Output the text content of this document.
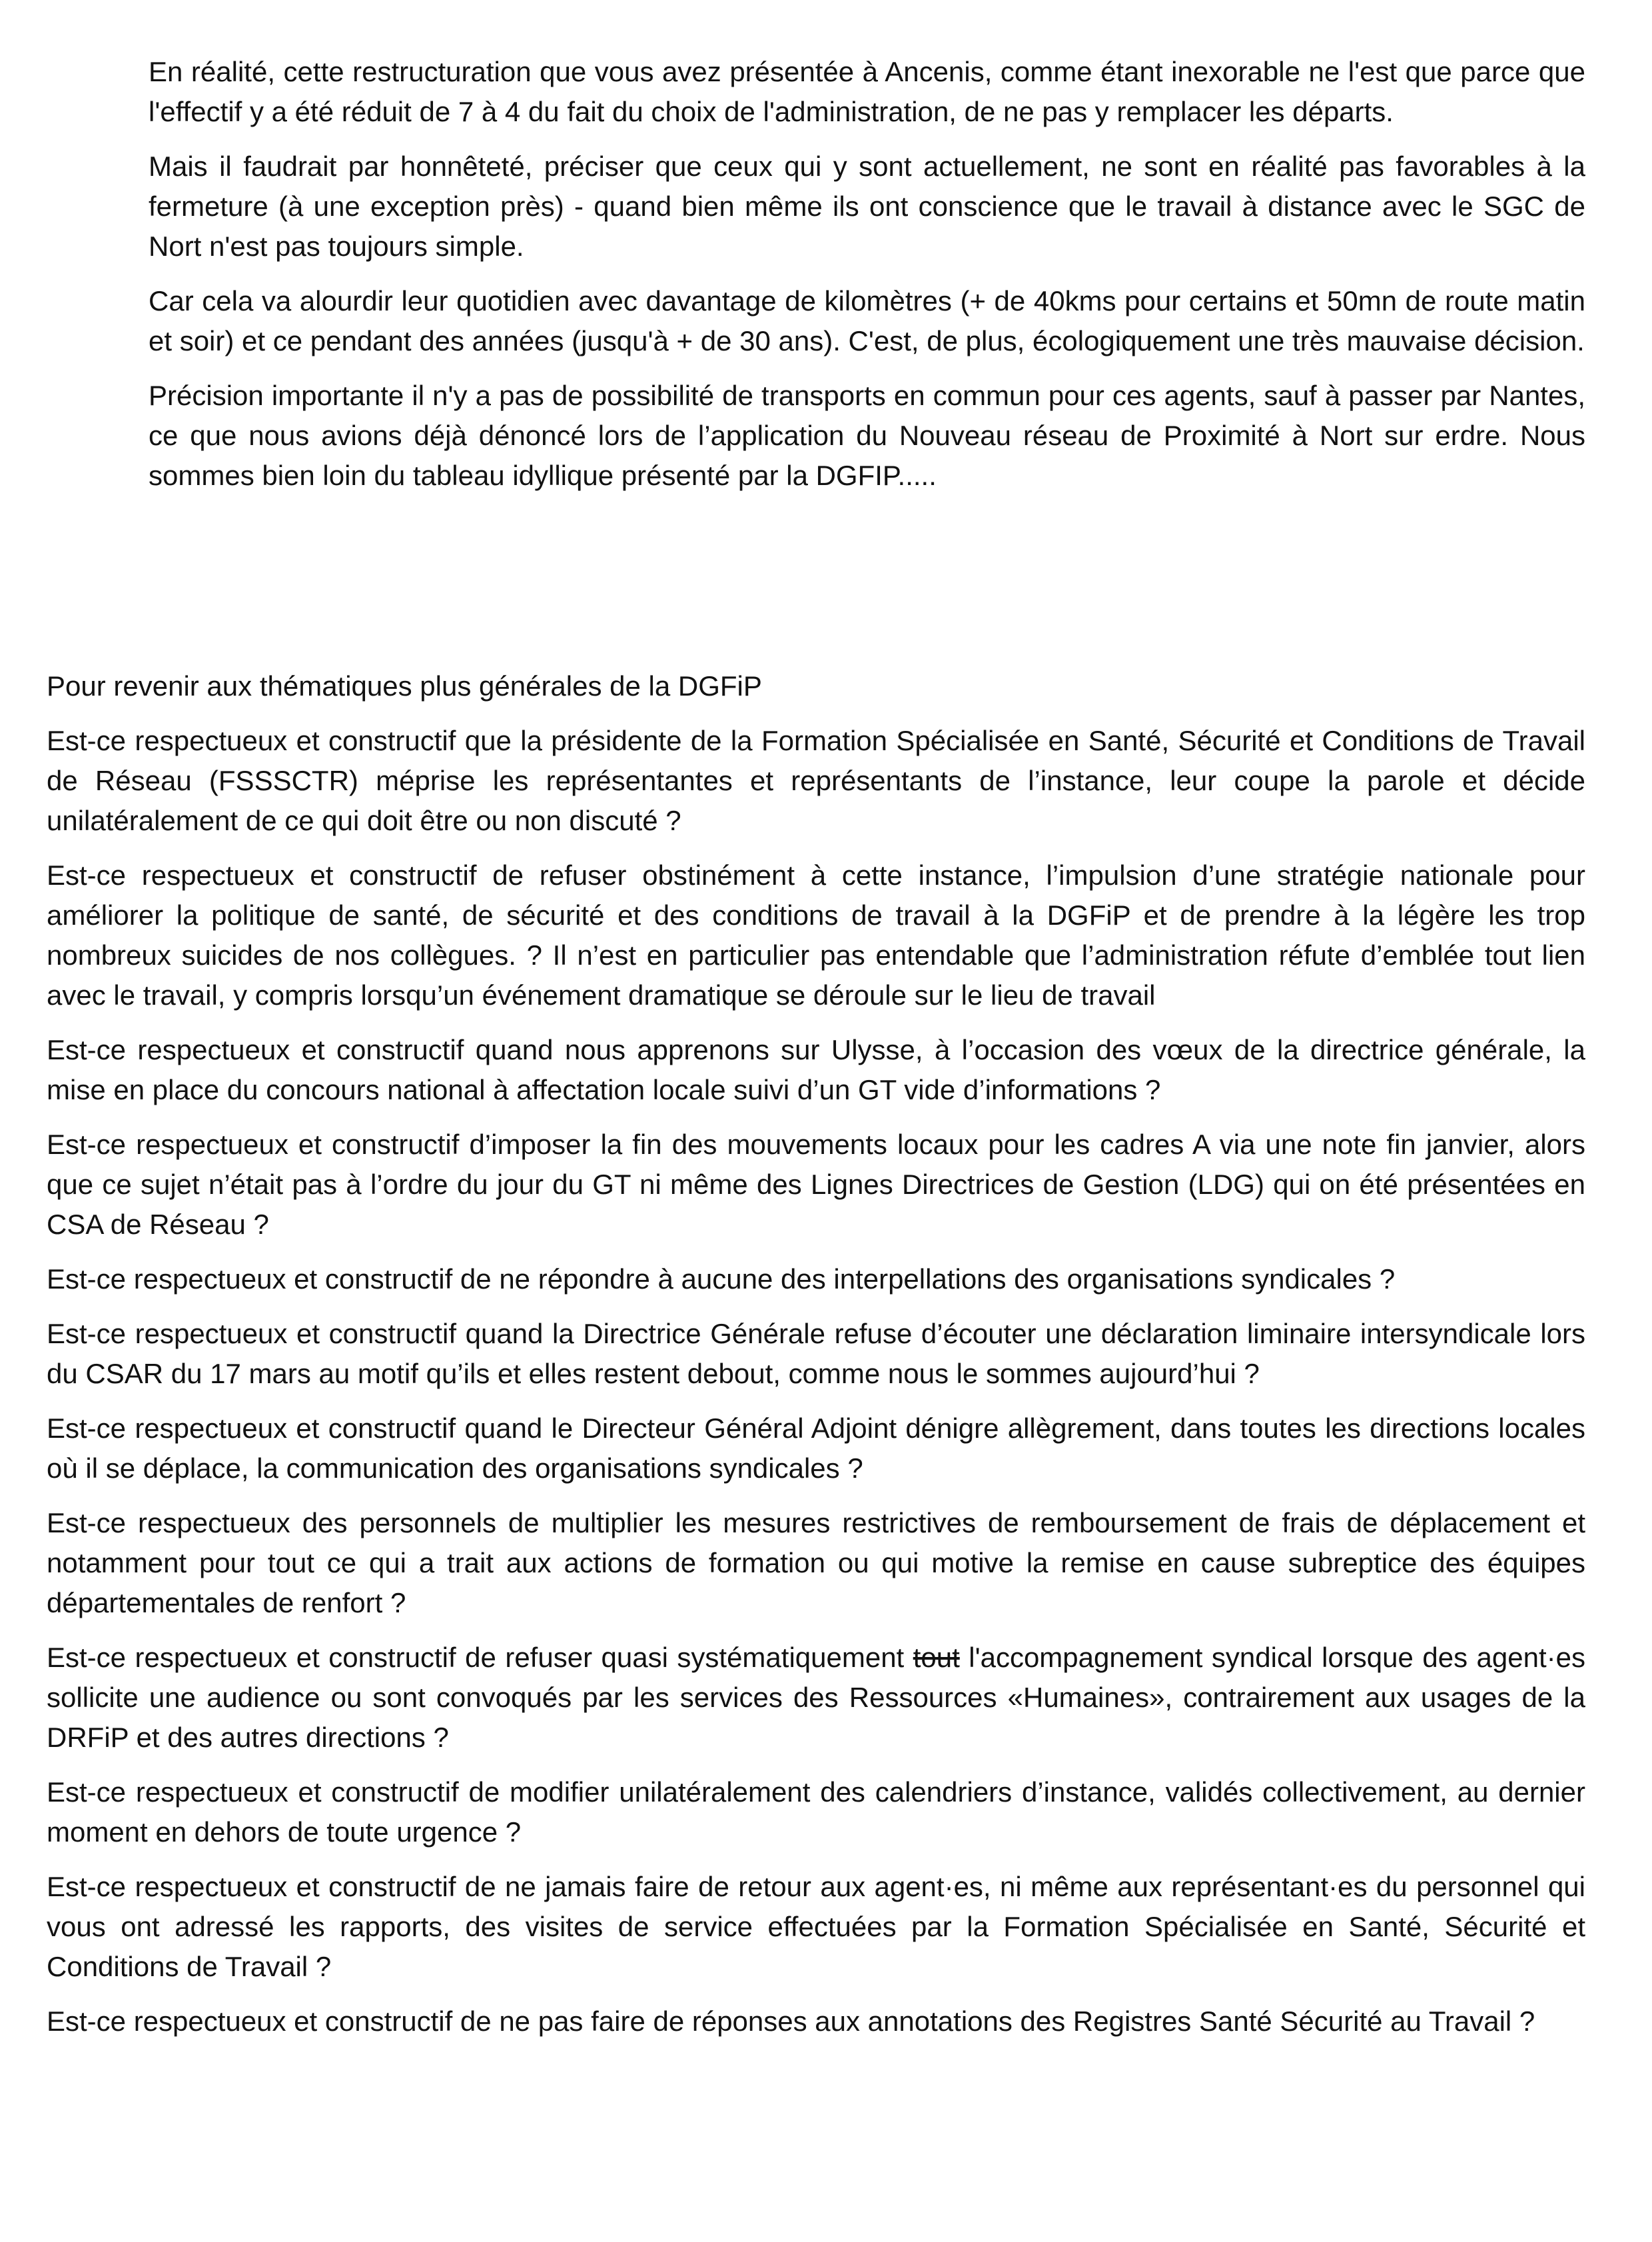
En réalité, cette restructuration que vous avez présentée à Ancenis, comme étant inexorable ne l'est que parce que l'effectif y a été réduit de 7 à 4 du fait du choix de l'administration, de ne pas y remplacer les départs.

Mais il faudrait par honnêteté, préciser que ceux qui y sont actuellement, ne sont en réalité pas favorables à la fermeture (à une exception près) - quand bien même ils ont conscience que le travail à distance avec le SGC de Nort n'est pas toujours simple.

Car cela va alourdir leur quotidien avec davantage de kilomètres (+ de 40kms pour certains et 50mn de route matin et soir) et ce pendant des années (jusqu'à + de 30 ans). C'est, de plus, écologiquement une très mauvaise décision.

Précision importante il n'y a pas de possibilité de transports en commun pour ces agents, sauf à passer par Nantes, ce que nous avions déjà dénoncé lors de l’application du Nouveau réseau de Proximité à Nort sur erdre. Nous sommes bien loin du tableau idyllique présenté par la DGFIP.....

Pour revenir aux thématiques plus générales de la DGFiP

Est-ce respectueux et constructif que la présidente de la Formation Spécialisée en Santé, Sécurité et Conditions de Travail de Réseau (FSSSCTR) méprise les représentantes et représentants de l’instance, leur coupe la parole et décide unilatéralement de ce qui doit être ou non discuté ?

Est-ce respectueux et constructif de refuser obstinément à cette instance, l’impulsion d’une stratégie nationale pour améliorer la politique de santé, de sécurité et des conditions de travail à la DGFiP et de prendre à la légère les trop nombreux suicides de nos collègues. ? Il n’est en particulier pas entendable que l’administration réfute d’emblée tout lien avec le travail, y compris lorsqu’un événement dramatique se déroule sur le lieu de travail

Est-ce respectueux et constructif quand nous apprenons sur Ulysse, à l’occasion des vœux de la directrice générale, la mise en place du concours national à affectation locale suivi d’un GT vide d’informations ?

Est-ce respectueux et constructif d’imposer la fin des mouvements locaux pour les cadres A via une note fin janvier, alors que ce sujet n’était pas à l’ordre du jour du GT ni même des Lignes Directrices de Gestion (LDG) qui on été présentées en CSA de Réseau ?

Est-ce respectueux et constructif de ne répondre à aucune des interpellations des organisations syndicales ?

Est-ce respectueux et constructif quand la Directrice Générale refuse d’écouter une déclaration liminaire intersyndicale lors du CSAR du 17 mars au motif qu’ils et elles restent debout, comme nous le sommes aujourd’hui ?

Est-ce respectueux et constructif quand le Directeur Général Adjoint dénigre allègrement, dans toutes les directions locales où il se déplace, la communication des organisations syndicales ?

Est-ce respectueux des personnels de multiplier les mesures restrictives de remboursement de frais de déplacement et notamment pour tout ce qui a trait aux actions de formation ou qui motive la remise en cause subreptice des équipes départementales de renfort ?

Est-ce respectueux et constructif de refuser quasi systématiquement tout l'accompagnement syndical lorsque des agent·es sollicite une audience ou sont convoqués par les services des Ressources «Humaines», contrairement aux usages de la DRFiP et des autres directions ?

Est-ce respectueux et constructif de modifier unilatéralement des calendriers d’instance, validés collectivement, au dernier moment en dehors de toute urgence ?

Est-ce respectueux et constructif de ne jamais faire de retour aux agent·es, ni même aux représentant·es du personnel qui vous ont adressé les rapports, des visites de service effectuées par la Formation Spécialisée en Santé, Sécurité et Conditions de Travail ?

Est-ce respectueux et constructif de ne pas faire de réponses aux annotations des Registres Santé Sécurité au Travail ?
